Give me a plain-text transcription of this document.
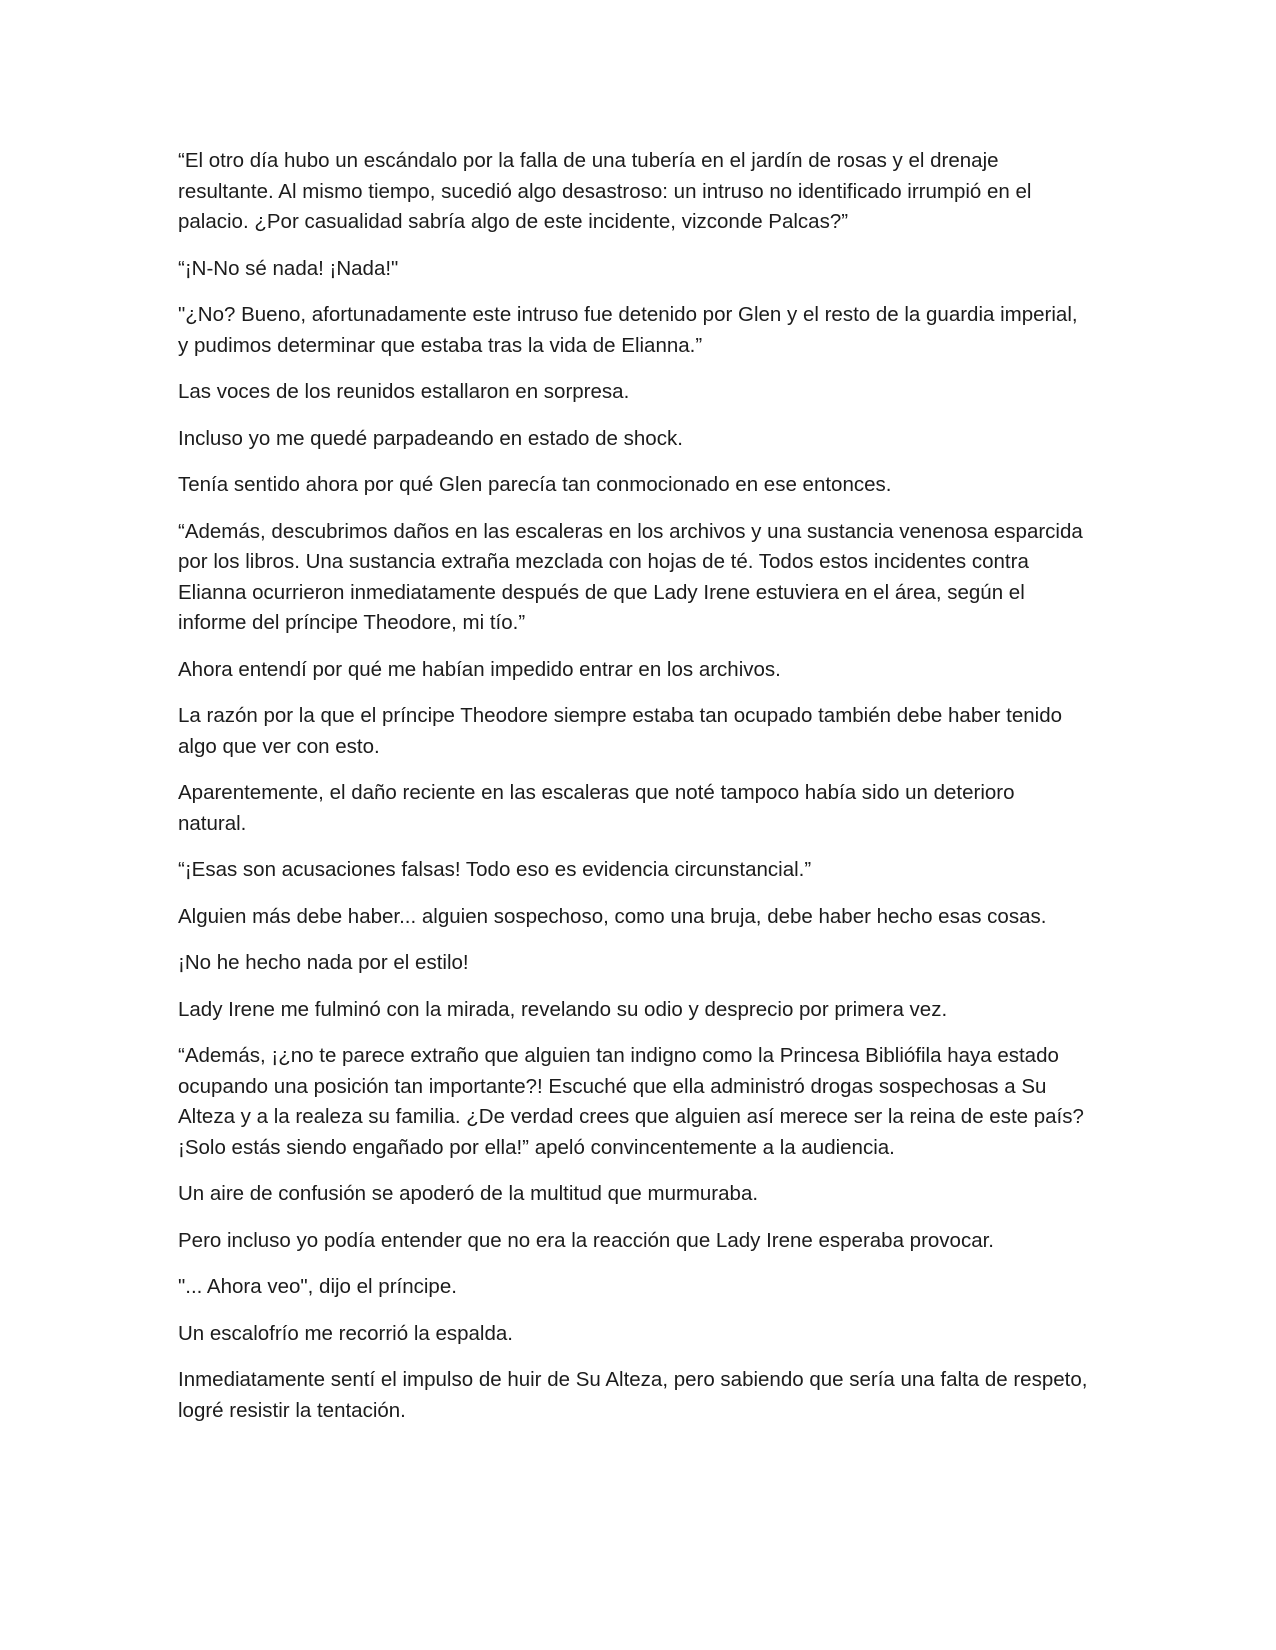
“El otro día hubo un escándalo por la falla de una tubería en el jardín de rosas y el drenaje resultante. Al mismo tiempo, sucedió algo desastroso: un intruso no identificado irrumpió en el palacio. ¿Por casualidad sabría algo de este incidente, vizconde Palcas?”

“¡N-No sé nada! ¡Nada!"

"¿No? Bueno, afortunadamente este intruso fue detenido por Glen y el resto de la guardia imperial, y pudimos determinar que estaba tras la vida de Elianna.”

Las voces de los reunidos estallaron en sorpresa.

Incluso yo me quedé parpadeando en estado de shock.

Tenía sentido ahora por qué Glen parecía tan conmocionado en ese entonces.

“Además, descubrimos daños en las escaleras en los archivos y una sustancia venenosa esparcida por los libros. Una sustancia extraña mezclada con hojas de té. Todos estos incidentes contra Elianna ocurrieron inmediatamente después de que Lady Irene estuviera en el área, según el informe del príncipe Theodore, mi tío.”

Ahora entendí por qué me habían impedido entrar en los archivos.

La razón por la que el príncipe Theodore siempre estaba tan ocupado también debe haber tenido algo que ver con esto.

Aparentemente, el daño reciente en las escaleras que noté tampoco había sido un deterioro natural.

“¡Esas son acusaciones falsas! Todo eso es evidencia circunstancial.”

Alguien más debe haber... alguien sospechoso, como una bruja, debe haber hecho esas cosas.

¡No he hecho nada por el estilo!

Lady Irene me fulminó con la mirada, revelando su odio y desprecio por primera vez.

“Además, ¡¿no te parece extraño que alguien tan indigno como la Princesa Bibliófila haya estado ocupando una posición tan importante?! Escuché que ella administró drogas sospechosas a Su Alteza y a la realeza su familia. ¿De verdad crees que alguien así merece ser la reina de este país? ¡Solo estás siendo engañado por ella!” apeló convincentemente a la audiencia.

Un aire de confusión se apoderó de la multitud que murmuraba.

Pero incluso yo podía entender que no era la reacción que Lady Irene esperaba provocar.

"... Ahora veo", dijo el príncipe.

Un escalofrío me recorrió la espalda.

Inmediatamente sentí el impulso de huir de Su Alteza, pero sabiendo que sería una falta de respeto, logré resistir la tentación.
